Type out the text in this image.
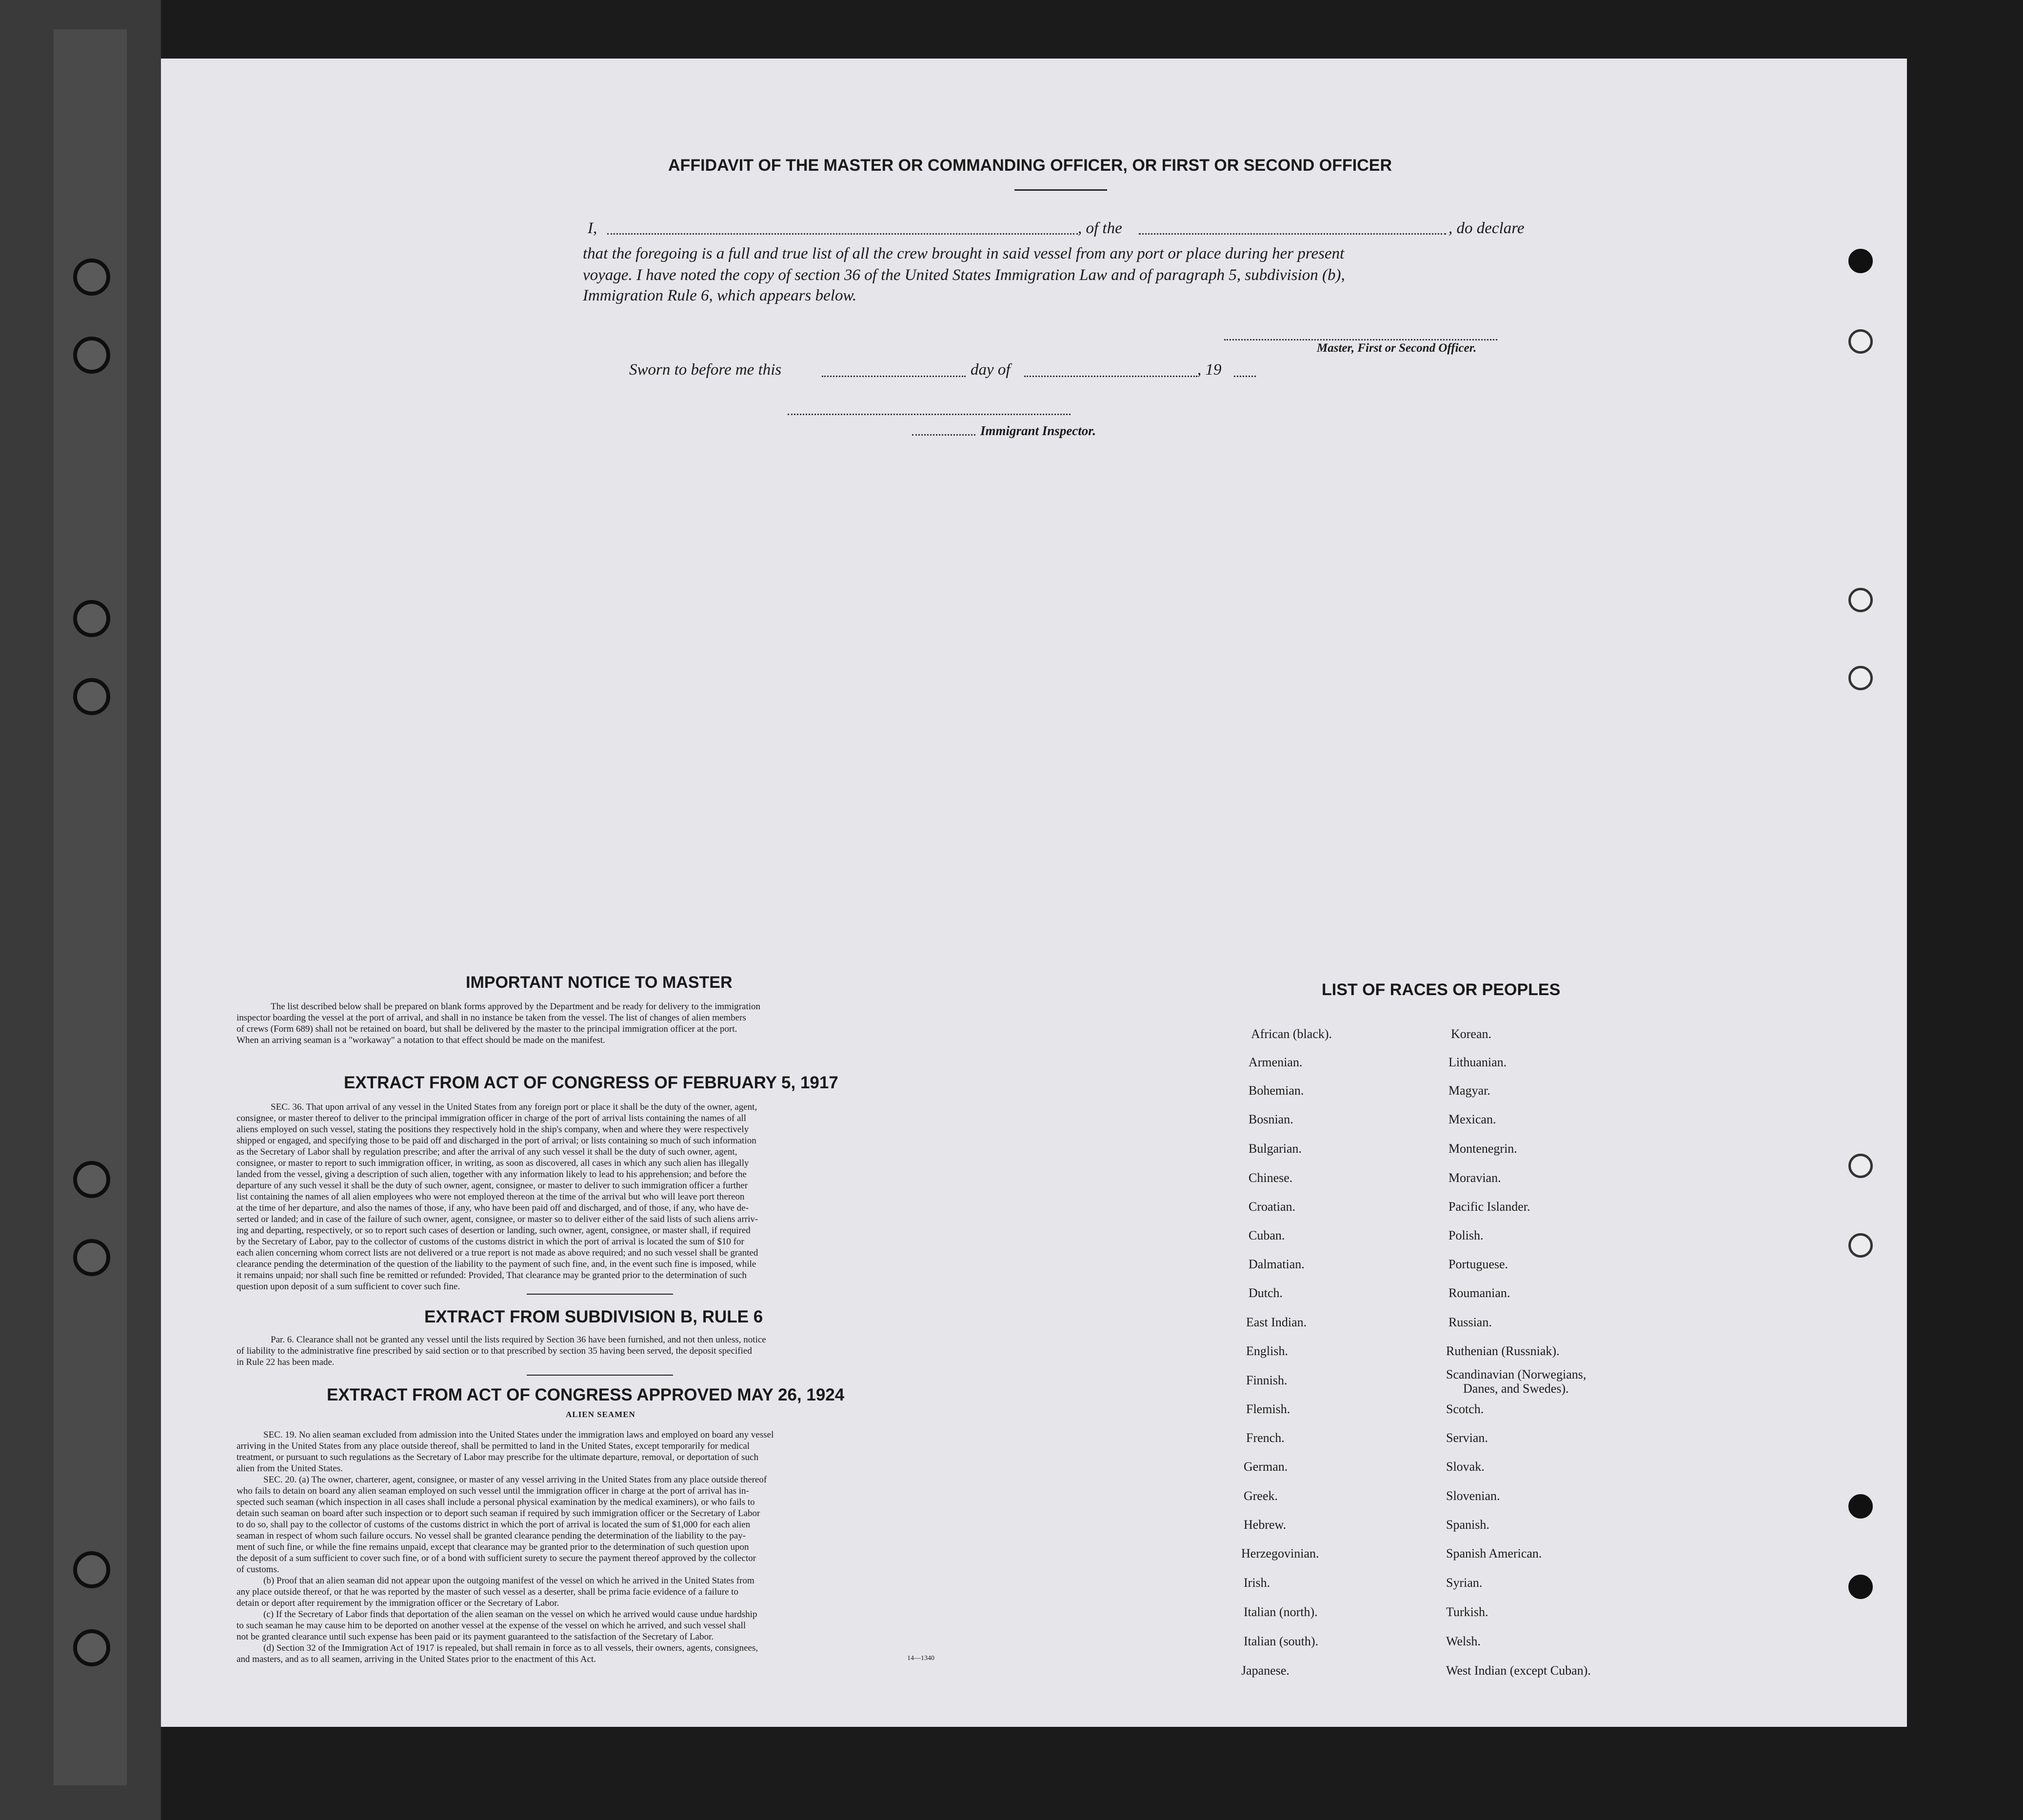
AFFIDAVIT OF THE MASTER OR COMMANDING OFFICER, OR FIRST OR SECOND OFFICER
I,	, of the	, do declare
that the foregoing is a full and true list of all the crew brought in said vessel from any port or place during her present
voyage. I have noted the copy of section 36 of the United States Immigration Law and of paragraph 5, subdivision (b),
Immigration Rule 6, which appears below.
Master, First or Second Officer.
Sworn to before me this	day of	, 19
Immigrant Inspector.
IMPORTANT NOTICE TO MASTER
The list described below shall be prepared on blank forms approved by the Department and be ready for delivery to the immigration
inspector boarding the vessel at the port of arrival, and shall in no instance be taken from the vessel. The list of changes of alien members
of crews (Form 689) shall not be retained on board, but shall be delivered by the master to the principal immigration officer at the port.
When an arriving seaman is a "workaway" a notation to that effect should be made on the manifest.
EXTRACT FROM ACT OF CONGRESS OF FEBRUARY 5, 1917
SEC. 36. That upon arrival of any vessel in the United States from any foreign port or place it shall be the duty of the owner, agent,
consignee, or master thereof to deliver to the principal immigration officer in charge of the port of arrival lists containing the names of all
aliens employed on such vessel, stating the positions they respectively hold in the ship's company, when and where they were respectively
shipped or engaged, and specifying those to be paid off and discharged in the port of arrival; or lists containing so much of such information
as the Secretary of Labor shall by regulation prescribe; and after the arrival of any such vessel it shall be the duty of such owner, agent,
consignee, or master to report to such immigration officer, in writing, as soon as discovered, all cases in which any such alien has illegally
landed from the vessel, giving a description of such alien, together with any information likely to lead to his apprehension; and before the
departure of any such vessel it shall be the duty of such owner, agent, consignee, or master to deliver to such immigration officer a further
list containing the names of all alien employees who were not employed thereon at the time of the arrival but who will leave port thereon
at the time of her departure, and also the names of those, if any, who have been paid off and discharged, and of those, if any, who have de-
serted or landed; and in case of the failure of such owner, agent, consignee, or master so to deliver either of the said lists of such aliens arriv-
ing and departing, respectively, or so to report such cases of desertion or landing, such owner, agent, consignee, or master shall, if required
by the Secretary of Labor, pay to the collector of customs of the customs district in which the port of arrival is located the sum of $10 for
each alien concerning whom correct lists are not delivered or a true report is not made as above required; and no such vessel shall be granted
clearance pending the determination of the question of the liability to the payment of such fine, and, in the event such fine is imposed, while
it remains unpaid; nor shall such fine be remitted or refunded: Provided, That clearance may be granted prior to the determination of such
question upon deposit of a sum sufficient to cover such fine.
EXTRACT FROM SUBDIVISION B, RULE 6
Par. 6. Clearance shall not be granted any vessel until the lists required by Section 36 have been furnished, and not then unless, notice
of liability to the administrative fine prescribed by said section or to that prescribed by section 35 having been served, the deposit specified
in Rule 22 has been made.
EXTRACT FROM ACT OF CONGRESS APPROVED MAY 26, 1924
ALIEN SEAMEN
SEC. 19. No alien seaman excluded from admission into the United States under the immigration laws and employed on board any vessel
arriving in the United States from any place outside thereof, shall be permitted to land in the United States, except temporarily for medical
treatment, or pursuant to such regulations as the Secretary of Labor may prescribe for the ultimate departure, removal, or deportation of such
alien from the United States.
SEC. 20. (a) The owner, charterer, agent, consignee, or master of any vessel arriving in the United States from any place outside thereof
who fails to detain on board any alien seaman employed on such vessel until the immigration officer in charge at the port of arrival has in-
spected such seaman (which inspection in all cases shall include a personal physical examination by the medical examiners), or who fails to
detain such seaman on board after such inspection or to deport such seaman if required by such immigration officer or the Secretary of Labor
to do so, shall pay to the collector of customs of the customs district in which the port of arrival is located the sum of $1,000 for each alien
seaman in respect of whom such failure occurs. No vessel shall be granted clearance pending the determination of the liability to the pay-
ment of such fine, or while the fine remains unpaid, except that clearance may be granted prior to the determination of such question upon
the deposit of a sum sufficient to cover such fine, or of a bond with sufficient surety to secure the payment thereof approved by the collector
of customs.
(b) Proof that an alien seaman did not appear upon the outgoing manifest of the vessel on which he arrived in the United States from
any place outside thereof, or that he was reported by the master of such vessel as a deserter, shall be prima facie evidence of a failure to
detain or deport after requirement by the immigration officer or the Secretary of Labor.
(c) If the Secretary of Labor finds that deportation of the alien seaman on the vessel on which he arrived would cause undue hardship
to such seaman he may cause him to be deported on another vessel at the expense of the vessel on which he arrived, and such vessel shall
not be granted clearance until such expense has been paid or its payment guaranteed to the satisfaction of the Secretary of Labor.
(d) Section 32 of the Immigration Act of 1917 is repealed, but shall remain in force as to all vessels, their owners, agents, consignees,
and masters, and as to all seamen, arriving in the United States prior to the enactment of this Act.	14—1340
LIST OF RACES OR PEOPLES
African (black).
Armenian.
Bohemian.
Bosnian.
Bulgarian.
Chinese.
Croatian.
Cuban.
Dalmatian.
Dutch.
East Indian.
English.
Finnish.
Flemish.
French.
German.
Greek.
Hebrew.
Herzegovinian.
Irish.
Italian (north).
Italian (south).
Japanese.
Korean.
Lithuanian.
Magyar.
Mexican.
Montenegrin.
Moravian.
Pacific Islander.
Polish.
Portuguese.
Roumanian.
Russian.
Ruthenian (Russniak).
Scandinavian (Norwegians,
Danes, and Swedes).
Scotch.
Servian.
Slovak.
Slovenian.
Spanish.
Spanish American.
Syrian.
Turkish.
Welsh.
West Indian (except Cuban).
